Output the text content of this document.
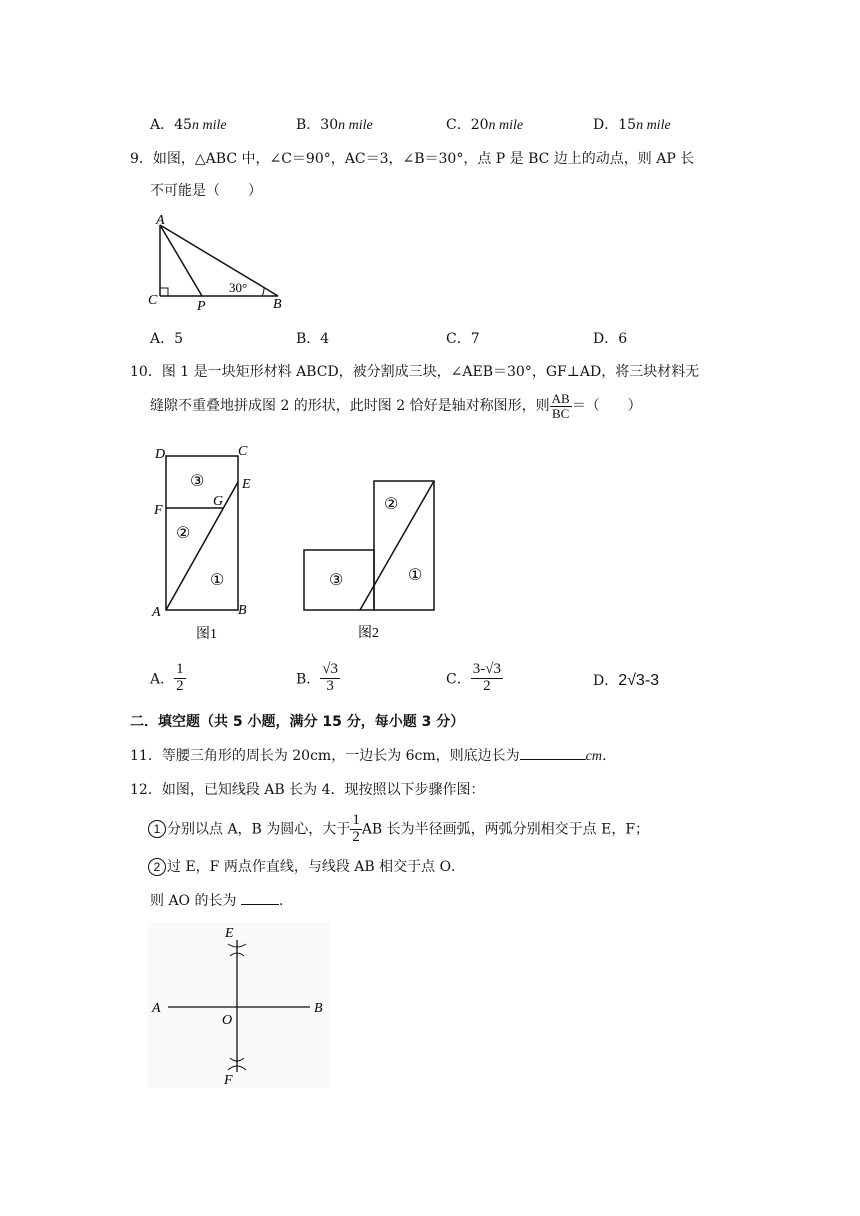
A．45n mile	B．30n mile	C．20n mile	D．15n mile
9．如图，△ABC 中，∠C＝90°，AC＝3，∠B＝30°，点 P 是 BC 边上的动点，则 AP 长
不可能是（　　）
A
C	P	B
30°
A．5	B．4	C．7	D．6
10．图 1 是一块矩形材料 ABCD，被分割成三块，∠AEB＝30°，GF⊥AD，将三块材料无
缝隙不重叠地拼成图 2 的形状，此时图 2 恰好是轴对称图形，则 $\frac{AB}{BC}$ ＝（　　）
D	C
E
F
G
A	B
③
②
①
图1
②
③	①
图2
A． $\frac{1}{2}$	B． $\frac{√3}{3}$	C． $\frac{3-√3}{2}$	D．2√3-3
二．填空题（共 5 小题，满分 15 分，每小题 3 分）
11．等腰三角形的周长为 20cm，一边长为 6cm，则底边长为	cm．
12．如图，已知线段 AB 长为 4．现按照以下步骤作图：
1 分别以点 A，B 为圆心，大于 $\frac{1}{2}$ AB 长为半径画弧，两弧分别相交于点 E，F；
2 过 E，F 两点作直线，与线段 AB 相交于点 O．
则 AO 的长为	．
E
A
O
B
F
